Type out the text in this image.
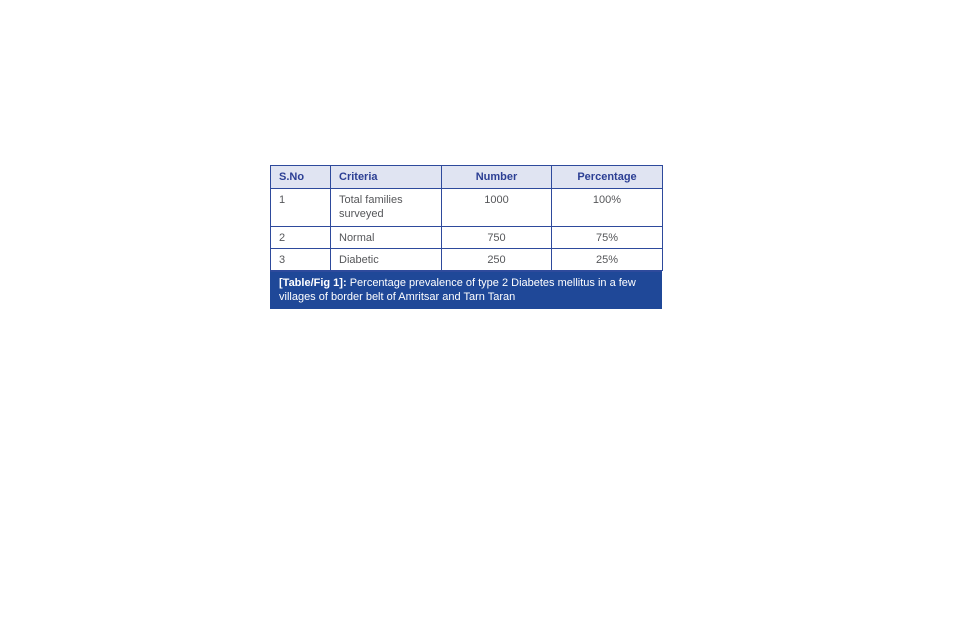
S.No	Criteria	Number	Percentage
1	Total families surveyed	1000	100%
2	Normal	750	75%
3	Diabetic	250	25%
[Table/Fig 1]: Percentage prevalence of type 2 Diabetes mellitus in a few villages of border belt of Amritsar and Tarn Taran
